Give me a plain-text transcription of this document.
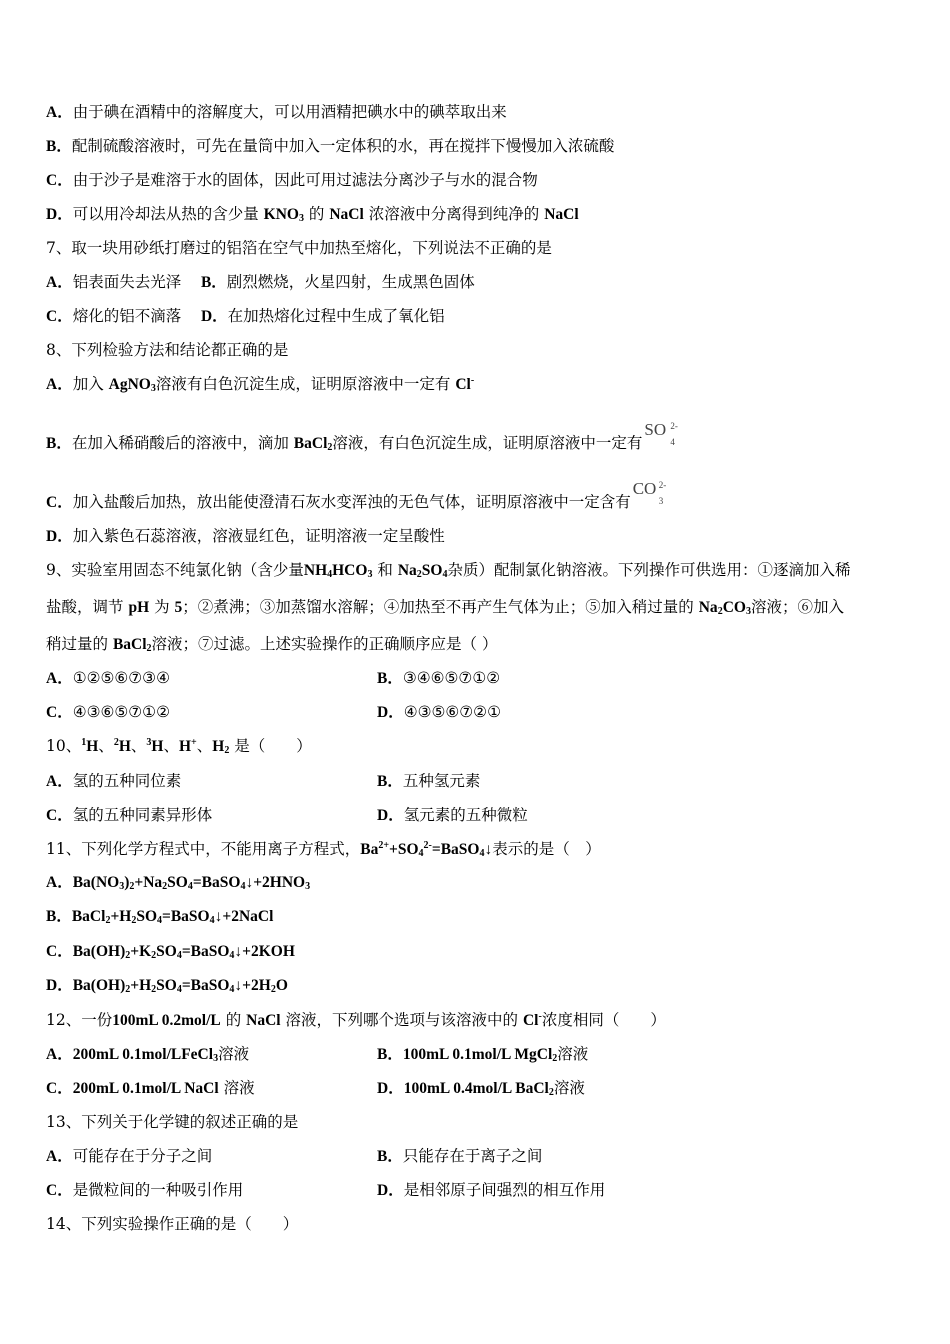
A．由于碘在酒精中的溶解度大，可以用酒精把碘水中的碘萃取出来
B．配制硫酸溶液时，可先在量筒中加入一定体积的水，再在搅拌下慢慢加入浓硫酸
C．由于沙子是难溶于水的固体，因此可用过滤法分离沙子与水的混合物
D．可以用冷却法从热的含少量 $KNO_3$ 的 NaCl 浓溶液中分离得到纯净的 NaCl
7、取一块用砂纸打磨过的铝箔在空气中加热至熔化，下列说法不正确的是
A．铝表面失去光泽 B．剧烈燃烧，火星四射，生成黑色固体
C．熔化的铝不滴落 D．在加热熔化过程中生成了氧化铝
8、下列检验方法和结论都正确的是
A．加入 AgNO$_3$溶液有白色沉淀生成，证明原溶液中一定有 Cl-
B．在加入稀硝酸后的溶液中，滴加 BaCl$_2$溶液，有白色沉淀生成，证明原溶液中一定有
SO 2-
4
C．加入盐酸后加热，放出能使澄清石灰水变浑浊的无色气体，证明原溶液中一定含有
CO 2-
3
D．加入紫色石蕊溶液，溶液显红色，证明溶液一定呈酸性
9、实验室用固态不纯氯化钠（含少量$NH_4HCO_3$ 和 $Na_2SO_4$杂质）配制氯化钠溶液。下列操作可供选用：①逐滴加入稀
盐酸，调节 pH 为 5；②煮沸；③加蒸馏水溶解；④加热至不再产生气体为止；⑤加入稍过量的 $Na_2CO_3$溶液；⑥加入
稍过量的 BaCl$_2$溶液；⑦过滤。上述实验操作的正确顺序应是（ ）
A．①②⑤⑥⑦③④	B．③④⑥⑤⑦①②
C．④③⑥⑤⑦①②	D．④③⑤⑥⑦②①
10、$^1$H、$^2$H、$^3$H、H+、$H_2$ 是（　　）
A．氢的五种同位素	B．五种氢元素
C．氢的五种同素异形体	D．氢元素的五种微粒
11、下列化学方程式中，不能用离子方程式，$Ba^{2+}+SO_4^{2-}=BaSO_4↓$表示的是（　）
A．$Ba(NO_3)_2+Na_2SO_4=BaSO_4↓+2HNO_3$
B．$BaCl_2+H_2SO_4=BaSO_4↓+2NaCl$
C．$Ba(OH)_2+K_2SO_4=BaSO_4↓+2KOH$
D．$Ba(OH)_2+H_2SO_4=BaSO_4↓+2H_2O$
12、一份100mL 0.2mol/L 的 NaCl 溶液，下列哪个选项与该溶液中的 Cl-浓度相同（　　）
A．200mL 0.1mol/LFeCl$_3$溶液	B．100mL 0.1mol/L MgCl$_2$溶液
C．200mL 0.1mol/L NaCl 溶液	D．100mL 0.4mol/L BaCl$_2$溶液
13、下列关于化学键的叙述正确的是
A．可能存在于分子之间	B．只能存在于离子之间
C．是微粒间的一种吸引作用	D．是相邻原子间强烈的相互作用
14、下列实验操作正确的是（　　）
